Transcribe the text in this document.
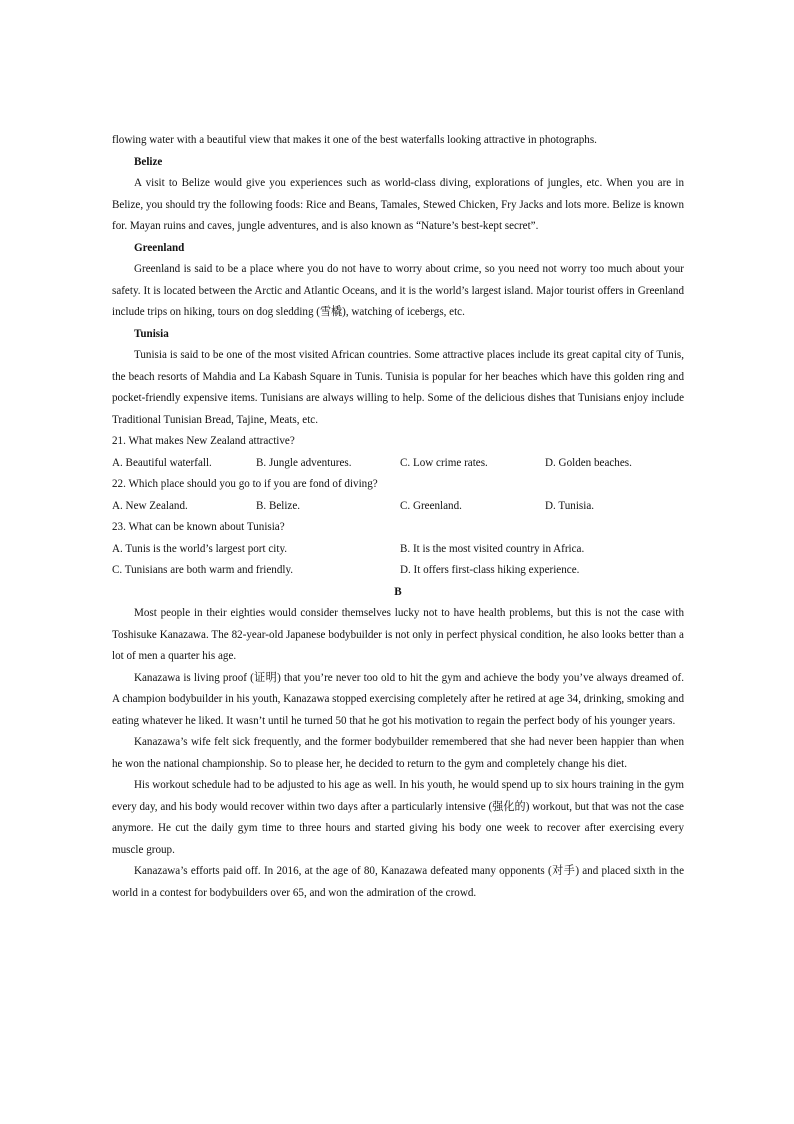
flowing water with a beautiful view that makes it one of the best waterfalls looking attractive in photographs.

Belize

A visit to Belize would give you experiences such as world-class diving, explorations of jungles, etc. When you are in Belize, you should try the following foods: Rice and Beans, Tamales, Stewed Chicken, Fry Jacks and lots more. Belize is known for. Mayan ruins and caves, jungle adventures, and is also known as “Nature’s best-kept secret”.

Greenland

Greenland is said to be a place where you do not have to worry about crime, so you need not worry too much about your safety. It is located between the Arctic and Atlantic Oceans, and it is the world’s largest island. Major tourist offers in Greenland include trips on hiking, tours on dog sledding (雪橇), watching of icebergs, etc.

Tunisia

Tunisia is said to be one of the most visited African countries. Some attractive places include its great capital city of Tunis, the beach resorts of Mahdia and La Kabash Square in Tunis. Tunisia is popular for her beaches which have this golden ring and pocket-friendly expensive items. Tunisians are always willing to help. Some of the delicious dishes that Tunisians enjoy include Traditional Tunisian Bread, Tajine, Meats, etc.

21. What makes New Zealand attractive?

A. Beautiful waterfall.	B. Jungle adventures.	C. Low crime rates.	D. Golden beaches.

22. Which place should you go to if you are fond of diving?

A. New Zealand.	B. Belize.	C. Greenland.	D. Tunisia.

23. What can be known about Tunisia?

A. Tunis is the world’s largest port city.	B. It is the most visited country in Africa.
C. Tunisians are both warm and friendly.	D. It offers first-class hiking experience.

B

Most people in their eighties would consider themselves lucky not to have health problems, but this is not the case with Toshisuke Kanazawa. The 82-year-old Japanese bodybuilder is not only in perfect physical condition, he also looks better than a lot of men a quarter his age.

Kanazawa is living proof (证明) that you’re never too old to hit the gym and achieve the body you’ve always dreamed of. A champion bodybuilder in his youth, Kanazawa stopped exercising completely after he retired at age 34, drinking, smoking and eating whatever he liked. It wasn’t until he turned 50 that he got his motivation to regain the perfect body of his younger years.

Kanazawa’s wife felt sick frequently, and the former bodybuilder remembered that she had never been happier than when he won the national championship. So to please her, he decided to return to the gym and completely change his diet.

His workout schedule had to be adjusted to his age as well. In his youth, he would spend up to six hours training in the gym every day, and his body would recover within two days after a particularly intensive (强化的) workout, but that was not the case anymore. He cut the daily gym time to three hours and started giving his body one week to recover after exercising every muscle group.

Kanazawa’s efforts paid off. In 2016, at the age of 80, Kanazawa defeated many opponents (对手) and placed sixth in the world in a contest for bodybuilders over 65, and won the admiration of the crowd.
